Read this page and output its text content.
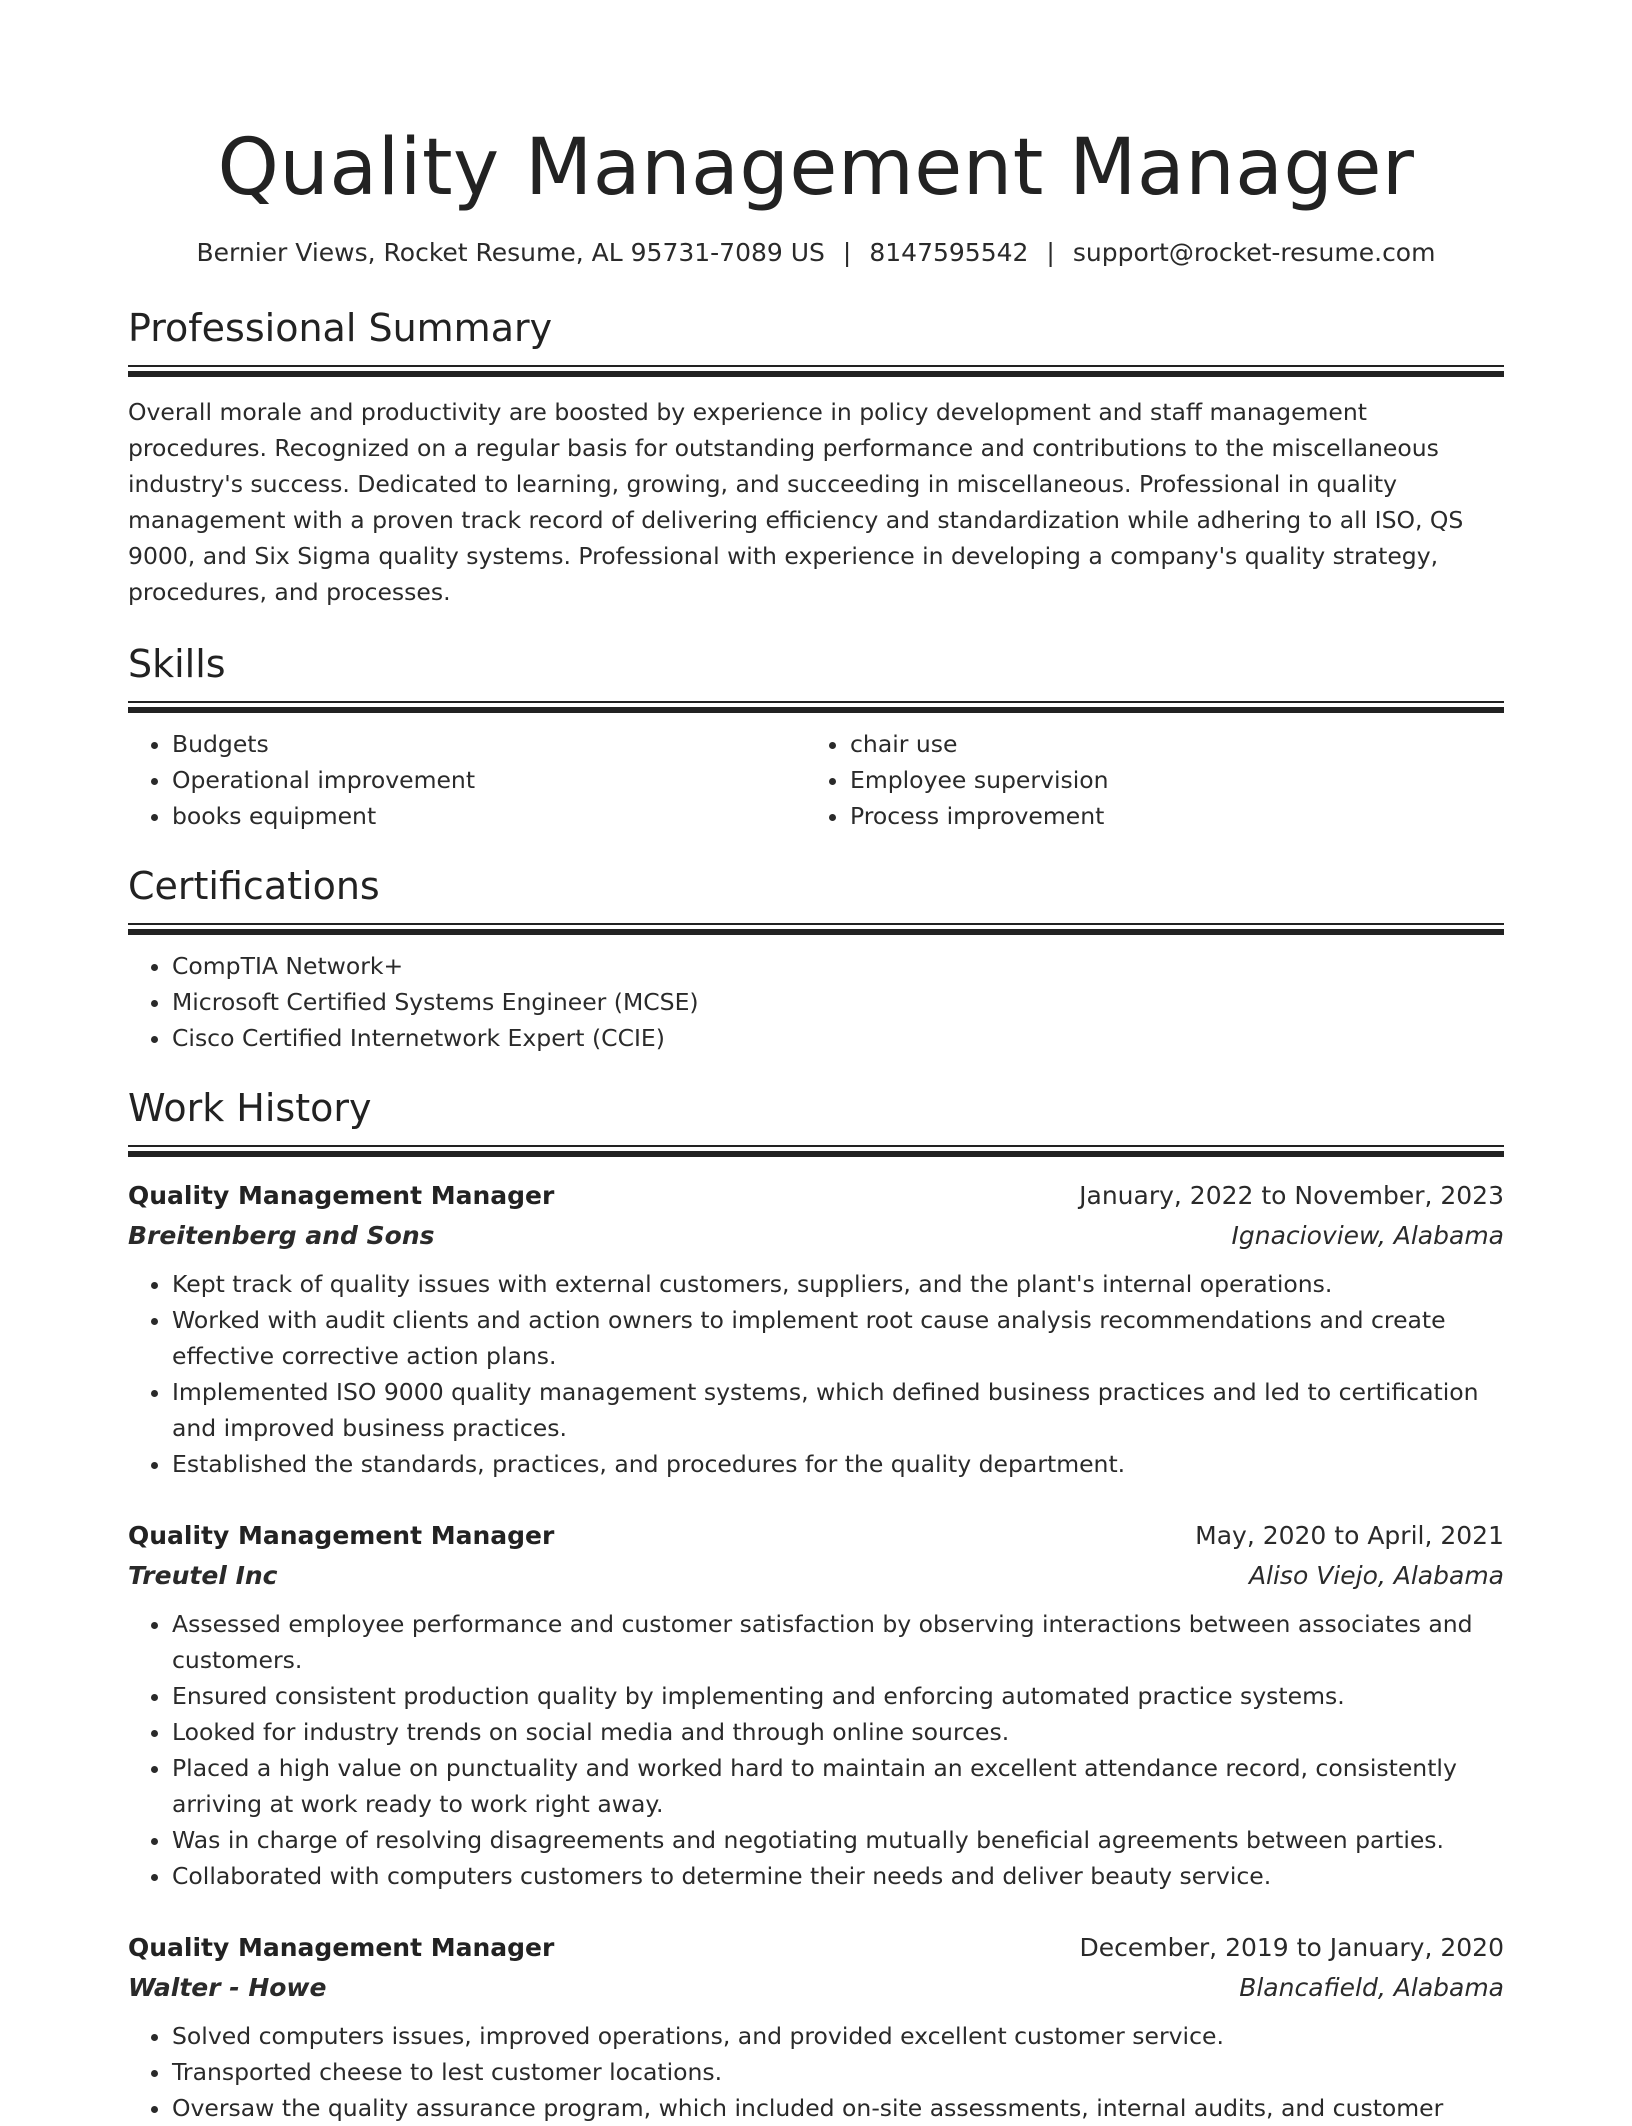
Quality Management Manager
Bernier Views, Rocket Resume, AL 95731-7089 US | 8147595542 | support@rocket-resume.com
Professional Summary
Overall morale and productivity are boosted by experience in policy development and staff management procedures. Recognized on a regular basis for outstanding performance and contributions to the miscellaneous industry's success. Dedicated to learning, growing, and succeeding in miscellaneous. Professional in quality management with a proven track record of delivering efficiency and standardization while adhering to all ISO, QS 9000, and Six Sigma quality systems. Professional with experience in developing a company's quality strategy, procedures, and processes.
Skills
• Budgets
• Operational improvement
• books equipment
• chair use
• Employee supervision
• Process improvement
Certifications
• CompTIA Network+
• Microsoft Certified Systems Engineer (MCSE)
• Cisco Certified Internetwork Expert (CCIE)
Work History
Quality Management Manager	January, 2022 to November, 2023
Breitenberg and Sons	Ignacioview, Alabama
• Kept track of quality issues with external customers, suppliers, and the plant's internal operations.
• Worked with audit clients and action owners to implement root cause analysis recommendations and create effective corrective action plans.
• Implemented ISO 9000 quality management systems, which defined business practices and led to certification and improved business practices.
• Established the standards, practices, and procedures for the quality department.
Quality Management Manager	May, 2020 to April, 2021
Treutel Inc	Aliso Viejo, Alabama
• Assessed employee performance and customer satisfaction by observing interactions between associates and customers.
• Ensured consistent production quality by implementing and enforcing automated practice systems.
• Looked for industry trends on social media and through online sources.
• Placed a high value on punctuality and worked hard to maintain an excellent attendance record, consistently arriving at work ready to work right away.
• Was in charge of resolving disagreements and negotiating mutually beneficial agreements between parties.
• Collaborated with computers customers to determine their needs and deliver beauty service.
Quality Management Manager	December, 2019 to January, 2020
Walter - Howe	Blancafield, Alabama
• Solved computers issues, improved operations, and provided excellent customer service.
• Transported cheese to lest customer locations.
• Oversaw the quality assurance program, which included on-site assessments, internal audits, and customer
